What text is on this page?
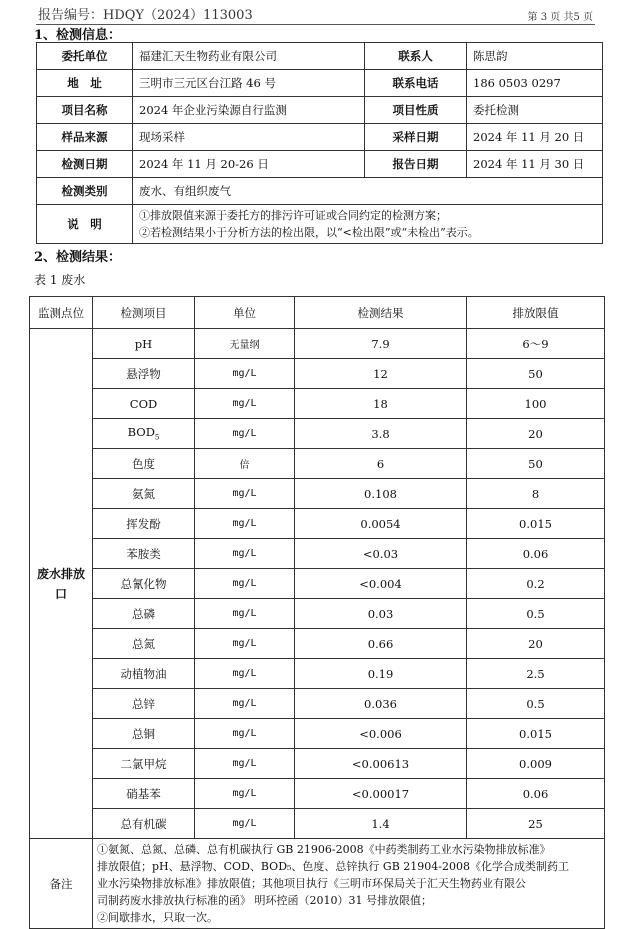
报告编号：HDQY（2024）113003	第 3 页 共5 页
1、检测信息：
委托单位	福建汇天生物药业有限公司	联系人	陈思韵
地　址	三明市三元区台江路 46 号	联系电话	186 0503 0297
项目名称	2024 年企业污染源自行监测	项目性质	委托检测
样品来源	现场采样	采样日期	2024 年 11 月 20 日
检测日期	2024 年 11 月 20-26 日	报告日期	2024 年 11 月 30 日
检测类别	废水、有组织废气		
说　明	①排放限值来源于委托方的排污许可证或合同约定的检测方案；
②若检测结果小于分析方法的检出限，以“<检出限”或“未检出”表示。		
2、检测结果：
表 1 废水
监测点位	检测项目	单位	检测结果	排放限值
废水排放
口	pH	无量纲	7.9	6～9
	悬浮物	mg/L	12	50
	COD	mg/L	18	100
	$BOD_5$	mg/L	3.8	20
	色度	倍	6	50
	氨氮	mg/L	0.108	8
	挥发酚	mg/L	0.0054	0.015
	苯胺类	mg/L	<0.03	0.06
	总氰化物	mg/L	<0.004	0.2
	总磷	mg/L	0.03	0.5
	总氮	mg/L	0.66	20
	动植物油	mg/L	0.19	2.5
	总锌	mg/L	0.036	0.5
	总铜	mg/L	<0.006	0.015
	二氯甲烷	mg/L	<0.00613	0.009
	硝基苯	mg/L	<0.00017	0.06
	总有机碳	mg/L	1.4	25
备注	①氨氮、总氮、总磷、总有机碳执行 GB 21906-2008《中药类制药工业水污染物排放标准》
排放限值；pH、悬浮物、COD、BOD₅、色度、总锌执行 GB 21904-2008《化学合成类制药工
业水污染物排放标准》排放限值；其他项目执行《三明市环保局关于汇天生物药业有限公
司制药废水排放执行标准的函》 明环控函（2010）31 号排放限值；
②间歇排水，只取一次。			
